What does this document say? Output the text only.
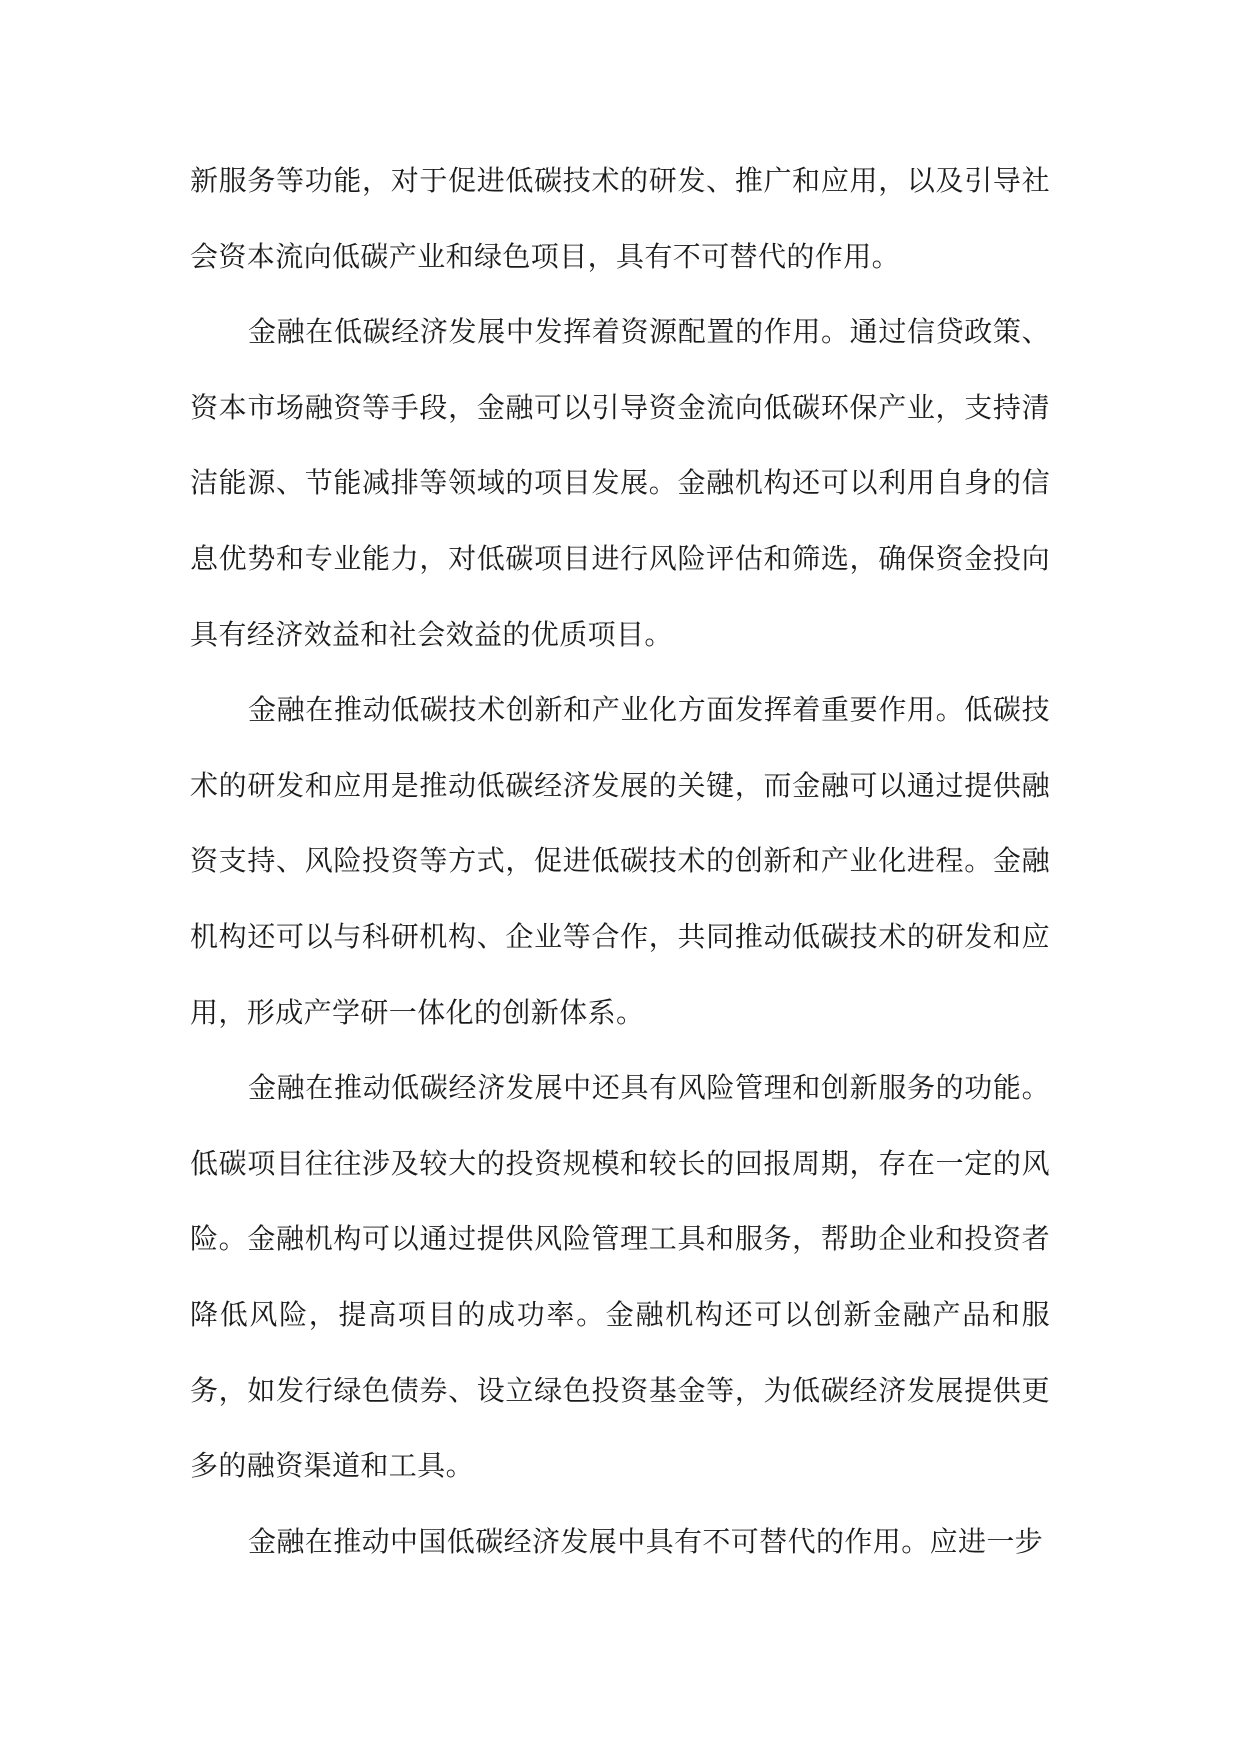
新服务等功能，对于促进低碳技术的研发、推广和应用，以及引导社会资本流向低碳产业和绿色项目，具有不可替代的作用。

金融在低碳经济发展中发挥着资源配置的作用。通过信贷政策、资本市场融资等手段，金融可以引导资金流向低碳环保产业，支持清洁能源、节能减排等领域的项目发展。金融机构还可以利用自身的信息优势和专业能力，对低碳项目进行风险评估和筛选，确保资金投向具有经济效益和社会效益的优质项目。

金融在推动低碳技术创新和产业化方面发挥着重要作用。低碳技术的研发和应用是推动低碳经济发展的关键，而金融可以通过提供融资支持、风险投资等方式，促进低碳技术的创新和产业化进程。金融机构还可以与科研机构、企业等合作，共同推动低碳技术的研发和应用，形成产学研一体化的创新体系。

金融在推动低碳经济发展中还具有风险管理和创新服务的功能。低碳项目往往涉及较大的投资规模和较长的回报周期，存在一定的风险。金融机构可以通过提供风险管理工具和服务，帮助企业和投资者降低风险，提高项目的成功率。金融机构还可以创新金融产品和服务，如发行绿色债券、设立绿色投资基金等，为低碳经济发展提供更多的融资渠道和工具。

金融在推动中国低碳经济发展中具有不可替代的作用。应进一步
